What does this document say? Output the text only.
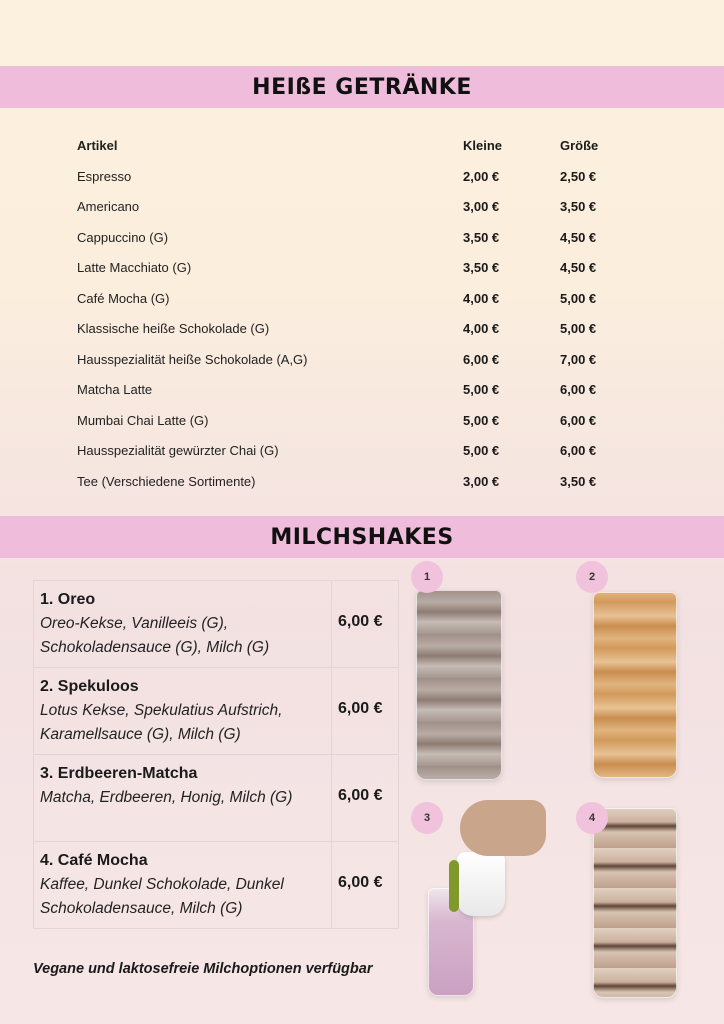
HEIßE GETRÄNKE
Artikel	Kleine	Größe
Espresso	2,00 €	2,50 €
Americano	3,00 €	3,50 €
Cappuccino (G)	3,50 €	4,50 €
Latte Macchiato (G)	3,50 €	4,50 €
Café Mocha (G)	4,00 €	5,00 €
Klassische heiße Schokolade (G)	4,00 €	5,00 €
Hausspezialität heiße Schokolade (A,G)	6,00 €	7,00 €
Matcha Latte	5,00 €	6,00 €
Mumbai Chai Latte (G)	5,00 €	6,00 €
Hausspezialität gewürzter Chai (G)	5,00 €	6,00 €
Tee (Verschiedene Sortimente)	3,00 €	3,50 €
MILCHSHAKES
1. Oreo
Oreo-Kekse, Vanilleeis (G), Schokoladensauce (G), Milch (G)
6,00 €
2. Spekuloos
Lotus Kekse, Spekulatius Aufstrich, Karamellsauce (G), Milch (G)
6,00 €
3. Erdbeeren-Matcha
Matcha, Erdbeeren, Honig, Milch (G)	6,00 €
4. Café Mocha
Kaffee, Dunkel Schokolade, Dunkel Schokoladensauce, Milch (G)
6,00 €
Vegane und laktosefreie Milchoptionen verfügbar
1	2
3	4
